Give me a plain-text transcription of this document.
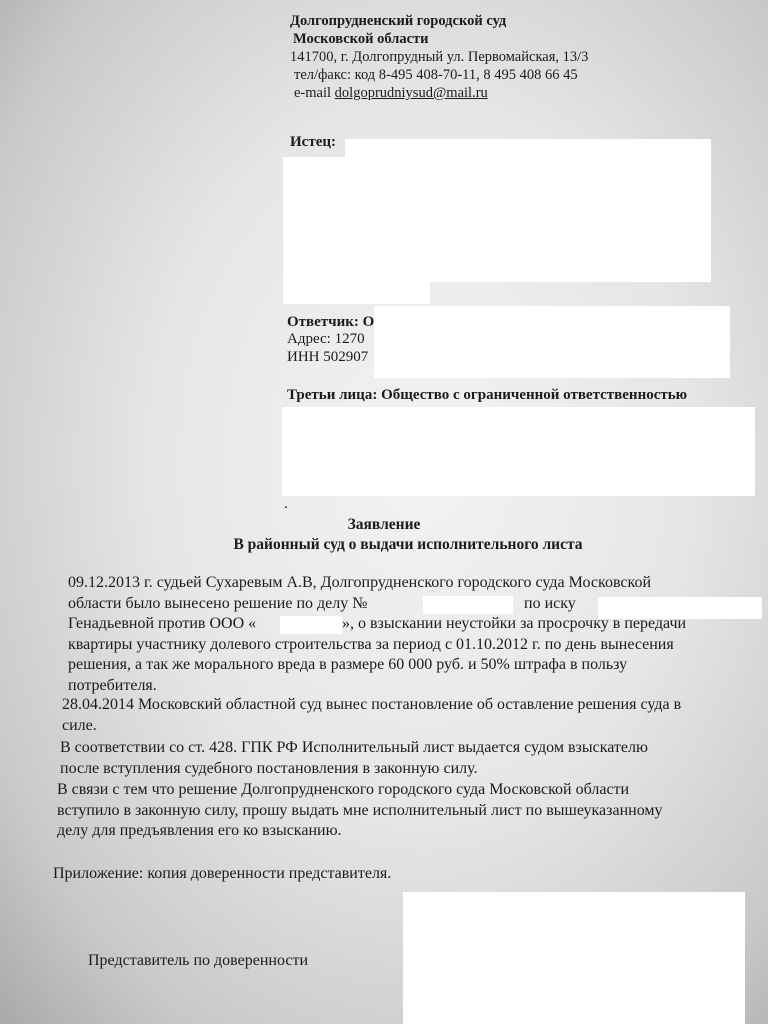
Долгопрудненский городской суд
Московской области
141700, г. Долгопрудный ул. Первомайская, 13/3
тел/факс: код 8-495 408-70-11, 8 495 408 66 45
e-mail dolgoprudniysud@mail.ru
Истец:
Ответчик: О
Адрес: 1270
ИНН 502907
Третьи лица: Общество с ограниченной ответственностью
.
Заявление
В районный суд о выдачи исполнительного листа
09.12.2013 г. судьей Сухаревым А.В, Долгопрудненского городского суда Московской
области было вынесено решение по делу №	по иску
Генадьевной против ООО «	», о взыскании неустойки за просрочку в передачи
квартиры участнику долевого строительства за период с 01.10.2012 г. по день вынесения
решения, а так же морального вреда в размере 60 000 руб. и 50% штрафа в пользу
потребителя.
28.04.2014 Московский областной суд вынес постановление об оставление решения суда в
силе.
В соответствии со ст. 428. ГПК РФ Исполнительный лист выдается судом взыскателю
после вступления судебного постановления в законную силу.
В связи с тем что решение Долгопрудненского городского суда Московской области
вступило в законную силу, прошу выдать мне исполнительный лист по вышеуказанному
делу для предъявления его ко взысканию.
Приложение: копия доверенности представителя.
Представитель по доверенности
